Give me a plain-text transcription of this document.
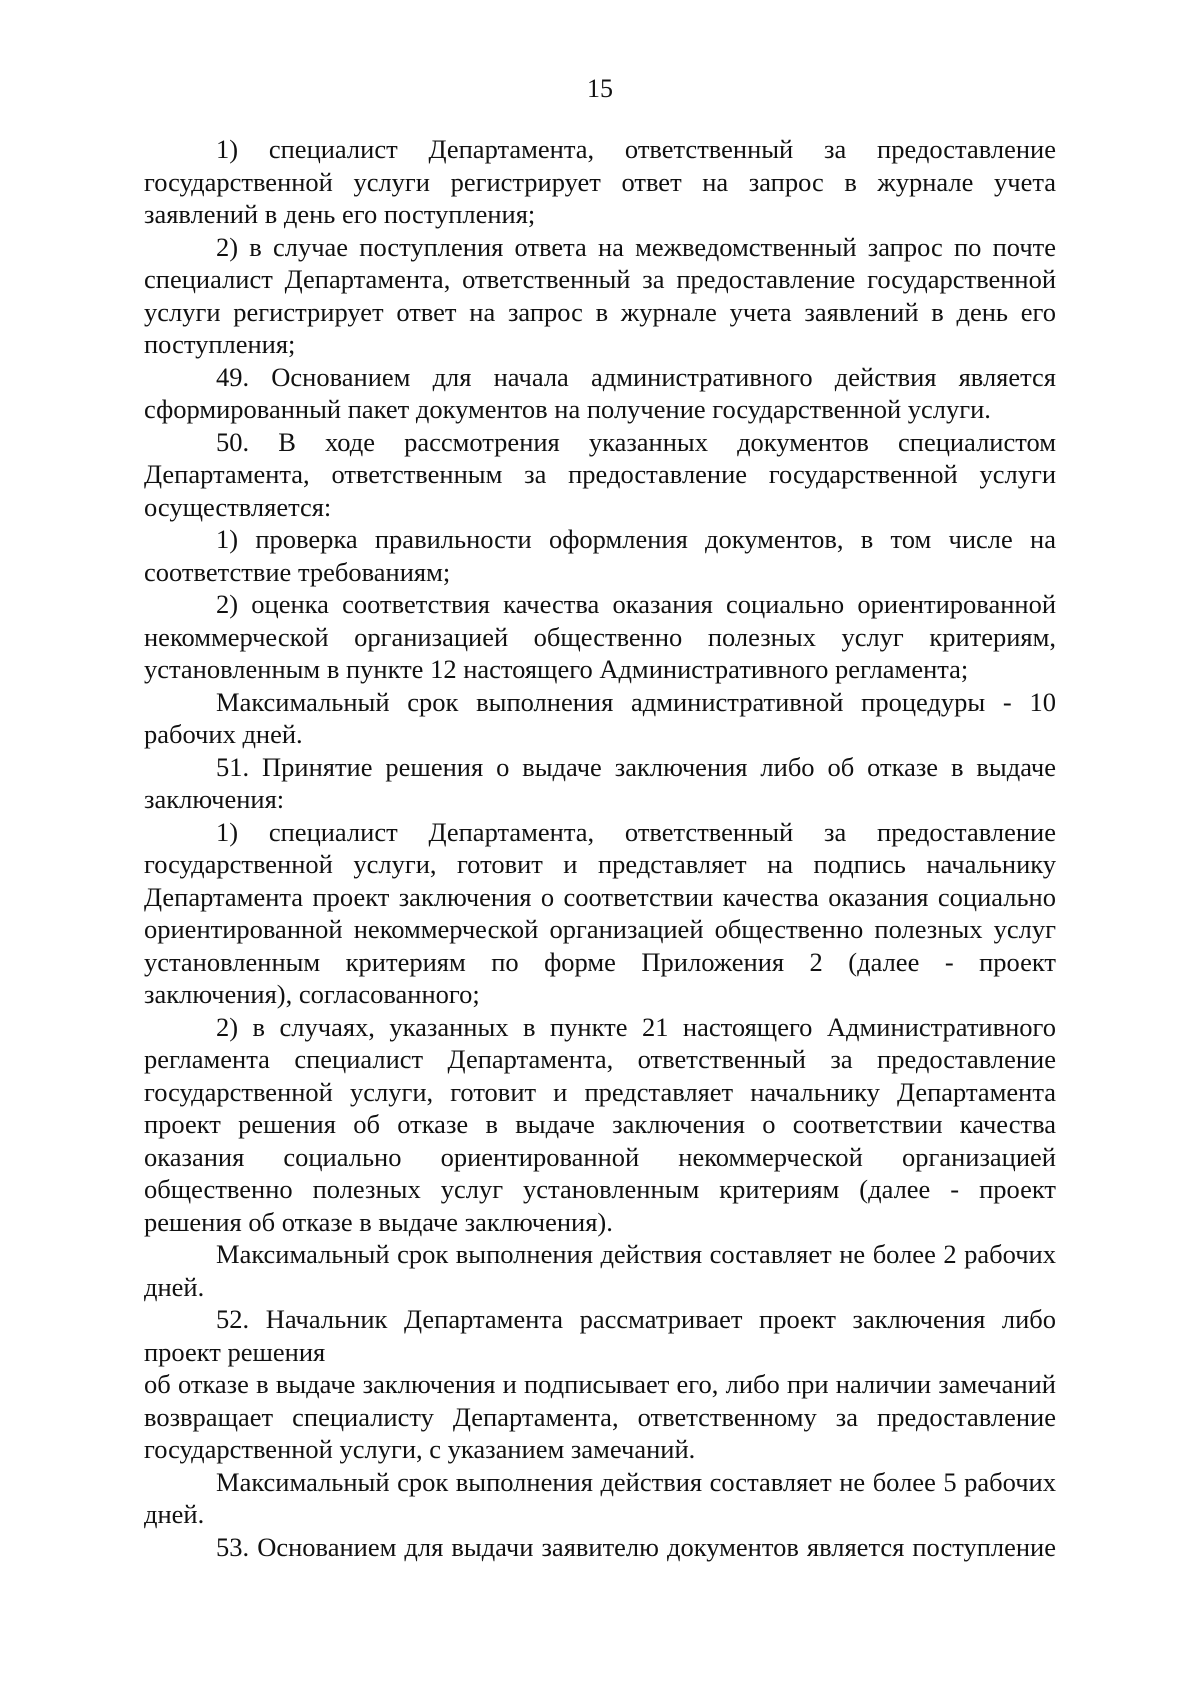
15

1) специалист Департамента, ответственный за предоставление государственной услуги регистрирует ответ на запрос в журнале учета заявлений в день его поступления;

2) в случае поступления ответа на межведомственный запрос по почте специалист Департамента, ответственный за предоставление государственной услуги регистрирует ответ на запрос в журнале учета заявлений в день его поступления;

49. Основанием для начала административного действия является сформированный пакет документов на получение государственной услуги.

50. В ходе рассмотрения указанных документов специалистом Департамента, ответственным за предоставление государственной услуги осуществляется:

1) проверка правильности оформления документов, в том числе на соответствие требованиям;

2) оценка соответствия качества оказания социально ориентированной некоммерческой организацией общественно полезных услуг критериям, установленным в пункте 12 настоящего Административного регламента;

Максимальный срок выполнения административной процедуры - 10 рабочих дней.

51. Принятие решения о выдаче заключения либо об отказе в выдаче заключения:

1) специалист Департамента, ответственный за предоставление государственной услуги, готовит и представляет на подпись начальнику Департамента проект заключения о соответствии качества оказания социально ориентированной некоммерческой организацией общественно полезных услуг установленным критериям по форме Приложения 2 (далее - проект заключения), согласованного;

2) в случаях, указанных в пункте 21 настоящего Административного регламента специалист Департамента, ответственный за предоставление государственной услуги, готовит и представляет начальнику Департамента проект решения об отказе в выдаче заключения о соответствии качества оказания социально ориентированной некоммерческой организацией общественно полезных услуг установленным критериям (далее - проект решения об отказе в выдаче заключения).

Максимальный срок выполнения действия составляет не более 2 рабочих дней.

52. Начальник Департамента рассматривает проект заключения либо проект решения

об отказе в выдаче заключения и подписывает его, либо при наличии замечаний возвращает специалисту Департамента, ответственному за предоставление государственной услуги, с указанием замечаний.

Максимальный срок выполнения действия составляет не более 5 рабочих дней.

53. Основанием для выдачи заявителю документов является поступление
